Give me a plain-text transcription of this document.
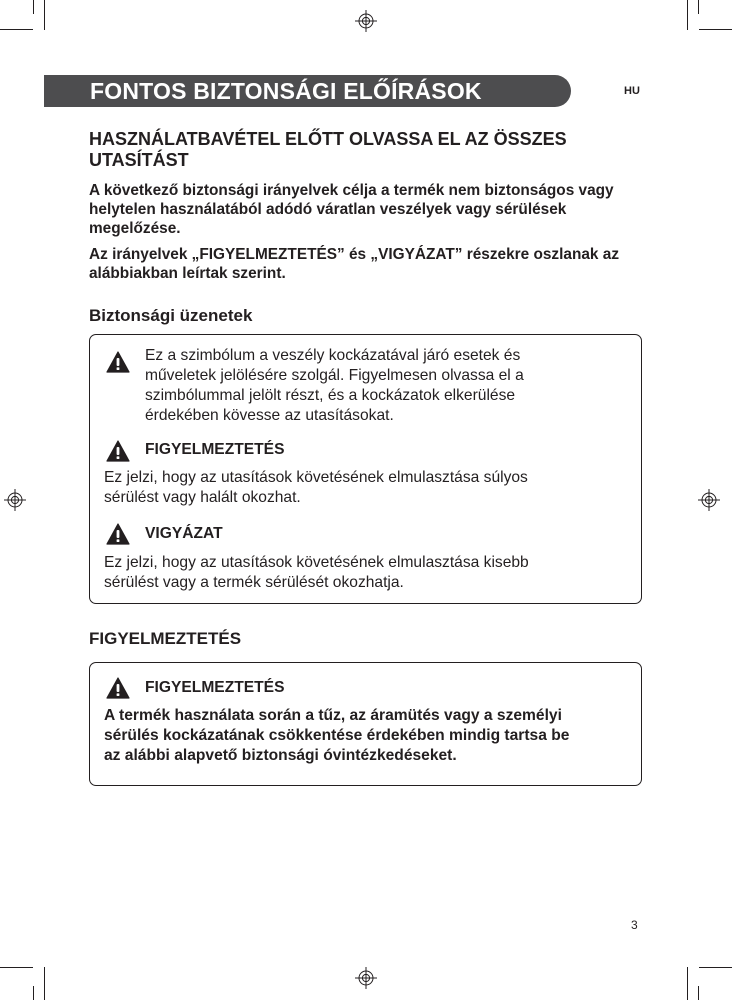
FONTOS BIZTONSÁGI ELŐÍRÁSOK	HU
HASZNÁLATBAVÉTEL ELŐTT OLVASSA EL AZ ÖSSZES UTASÍTÁST
A következő biztonsági irányelvek célja a termék nem biztonságos vagy helytelen használatából adódó váratlan veszélyek vagy sérülések megelőzése.
Az irányelvek „FIGYELMEZTETÉS” és „VIGYÁZAT” részekre oszlanak az alábbiakban leírtak szerint.
Biztonsági üzenetek
Ez a szimbólum a veszély kockázatával járó esetek és
műveletek jelölésére szolgál. Figyelmesen olvassa el a
szimbólummal jelölt részt, és a kockázatok elkerülése
érdekében kövesse az utasításokat.
FIGYELMEZTETÉS
Ez jelzi, hogy az utasítások követésének elmulasztása súlyos
sérülést vagy halált okozhat.
VIGYÁZAT
Ez jelzi, hogy az utasítások követésének elmulasztása kisebb
sérülést vagy a termék sérülését okozhatja.
FIGYELMEZTETÉS
FIGYELMEZTETÉS
A termék használata során a tűz, az áramütés vagy a személyi
sérülés kockázatának csökkentése érdekében mindig tartsa be
az alábbi alapvető biztonsági óvintézkedéseket.
3
